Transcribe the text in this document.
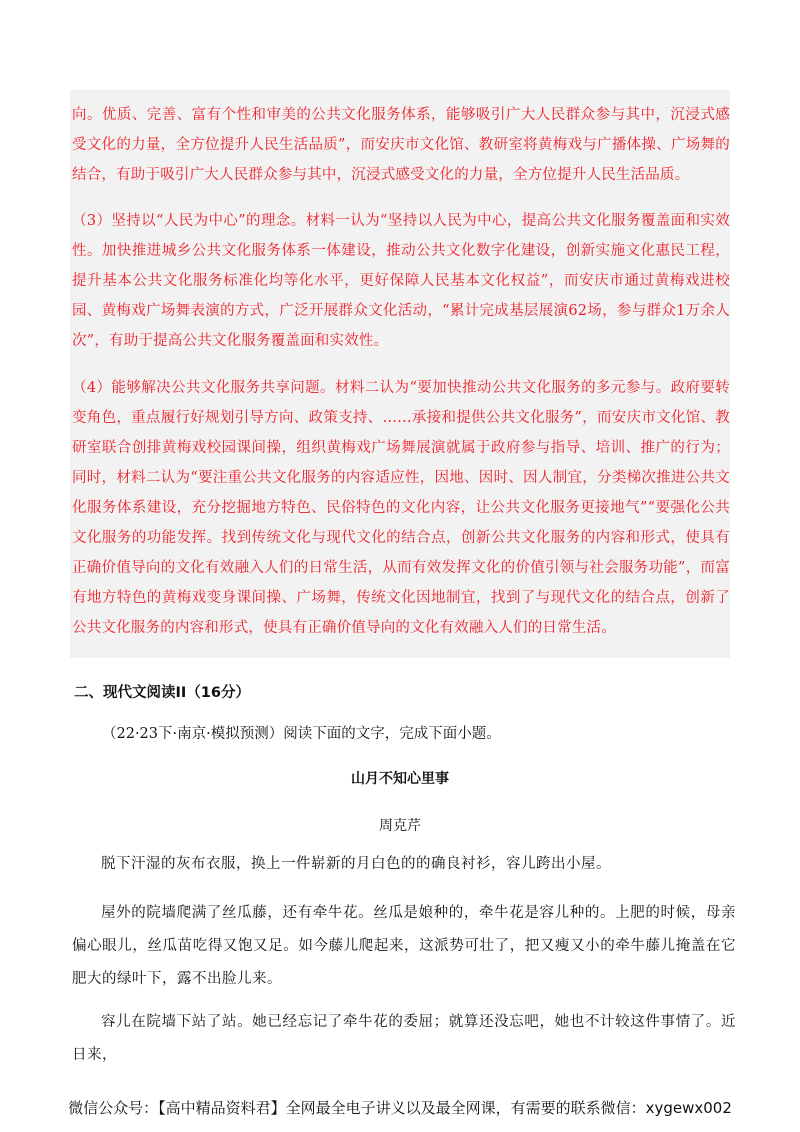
向。优质、完善、富有个性和审美的公共文化服务体系，能够吸引广大人民群众参与其中，沉浸式感受文化的力量，全方位提升人民生活品质”，而安庆市文化馆、教研室将黄梅戏与广播体操、广场舞的结合，有助于吸引广大人民群众参与其中，沉浸式感受文化的力量，全方位提升人民生活品质。

（3）坚持以“人民为中心”的理念。材料一认为“坚持以人民为中心，提高公共文化服务覆盖面和实效性。加快推进城乡公共文化服务体系一体建设，推动公共文化数字化建设，创新实施文化惠民工程，提升基本公共文化服务标准化均等化水平，更好保障人民基本文化权益”，而安庆市通过黄梅戏进校园、黄梅戏广场舞表演的方式，广泛开展群众文化活动，“累计完成基层展演62场，参与群众1万余人次”，有助于提高公共文化服务覆盖面和实效性。

（4）能够解决公共文化服务共享问题。材料二认为“要加快推动公共文化服务的多元参与。政府要转变角色，重点履行好规划引导方向、政策支持、……承接和提供公共文化服务”，而安庆市文化馆、教研室联合创排黄梅戏校园课间操，组织黄梅戏广场舞展演就属于政府参与指导、培训、推广的行为；同时，材料二认为“要注重公共文化服务的内容适应性，因地、因时、因人制宜，分类梯次推进公共文化服务体系建设，充分挖掘地方特色、民俗特色的文化内容，让公共文化服务更接地气”“要强化公共文化服务的功能发挥。找到传统文化与现代文化的结合点，创新公共文化服务的内容和形式，使具有正确价值导向的文化有效融入人们的日常生活，从而有效发挥文化的价值引领与社会服务功能”，而富有地方特色的黄梅戏变身课间操、广场舞，传统文化因地制宜，找到了与现代文化的结合点，创新了公共文化服务的内容和形式，使具有正确价值导向的文化有效融入人们的日常生活。

二、现代文阅读II（16分）

（22·23下·南京·模拟预测）阅读下面的文字，完成下面小题。

山月不知心里事

周克芹

脱下汗湿的灰布衣服，换上一件崭新的月白色的的确良衬衫，容儿跨出小屋。

屋外的院墙爬满了丝瓜藤，还有牵牛花。丝瓜是娘种的，牵牛花是容儿种的。上肥的时候，母亲偏心眼儿，丝瓜苗吃得又饱又足。如今藤儿爬起来，这派势可壮了，把又瘦又小的牵牛藤儿掩盖在它肥大的绿叶下，露不出脸儿来。

容儿在院墙下站了站。她已经忘记了牵牛花的委屈；就算还没忘吧，她也不计较这件事情了。近日来，

微信公众号：【高中精品资料君】全网最全电子讲义以及最全网课，有需要的联系微信：xygewx002
